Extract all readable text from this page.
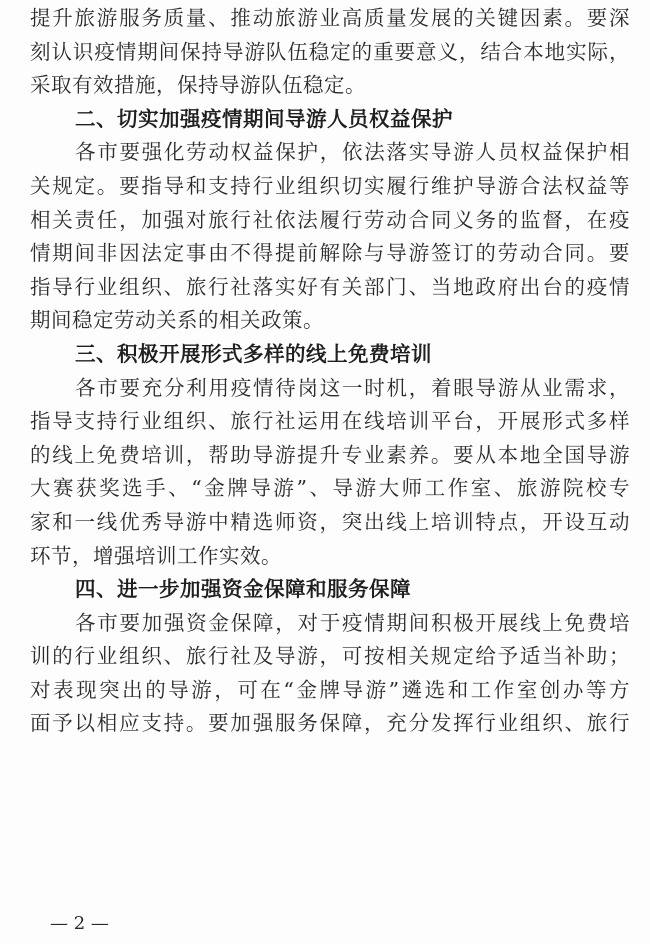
提升旅游服务质量、推动旅游业高质量发展的关键因素。要深
刻认识疫情期间保持导游队伍稳定的重要意义，结合本地实际，
采取有效措施，保持导游队伍稳定。
二、切实加强疫情期间导游人员权益保护
各市要强化劳动权益保护，依法落实导游人员权益保护相
关规定。要指导和支持行业组织切实履行维护导游合法权益等
相关责任，加强对旅行社依法履行劳动合同义务的监督，在疫
情期间非因法定事由不得提前解除与导游签订的劳动合同。要
指导行业组织、旅行社落实好有关部门、当地政府出台的疫情
期间稳定劳动关系的相关政策。
三、积极开展形式多样的线上免费培训
各市要充分利用疫情待岗这一时机，着眼导游从业需求，
指导支持行业组织、旅行社运用在线培训平台，开展形式多样
的线上免费培训，帮助导游提升专业素养。要从本地全国导游
大赛获奖选手、“金牌导游”、导游大师工作室、旅游院校专
家和一线优秀导游中精选师资，突出线上培训特点，开设互动
环节，增强培训工作实效。
四、进一步加强资金保障和服务保障
各市要加强资金保障，对于疫情期间积极开展线上免费培
训的行业组织、旅行社及导游，可按相关规定给予适当补助；
对表现突出的导游，可在“金牌导游”遴选和工作室创办等方
面予以相应支持。要加强服务保障，充分发挥行业组织、旅行
— 2 —
